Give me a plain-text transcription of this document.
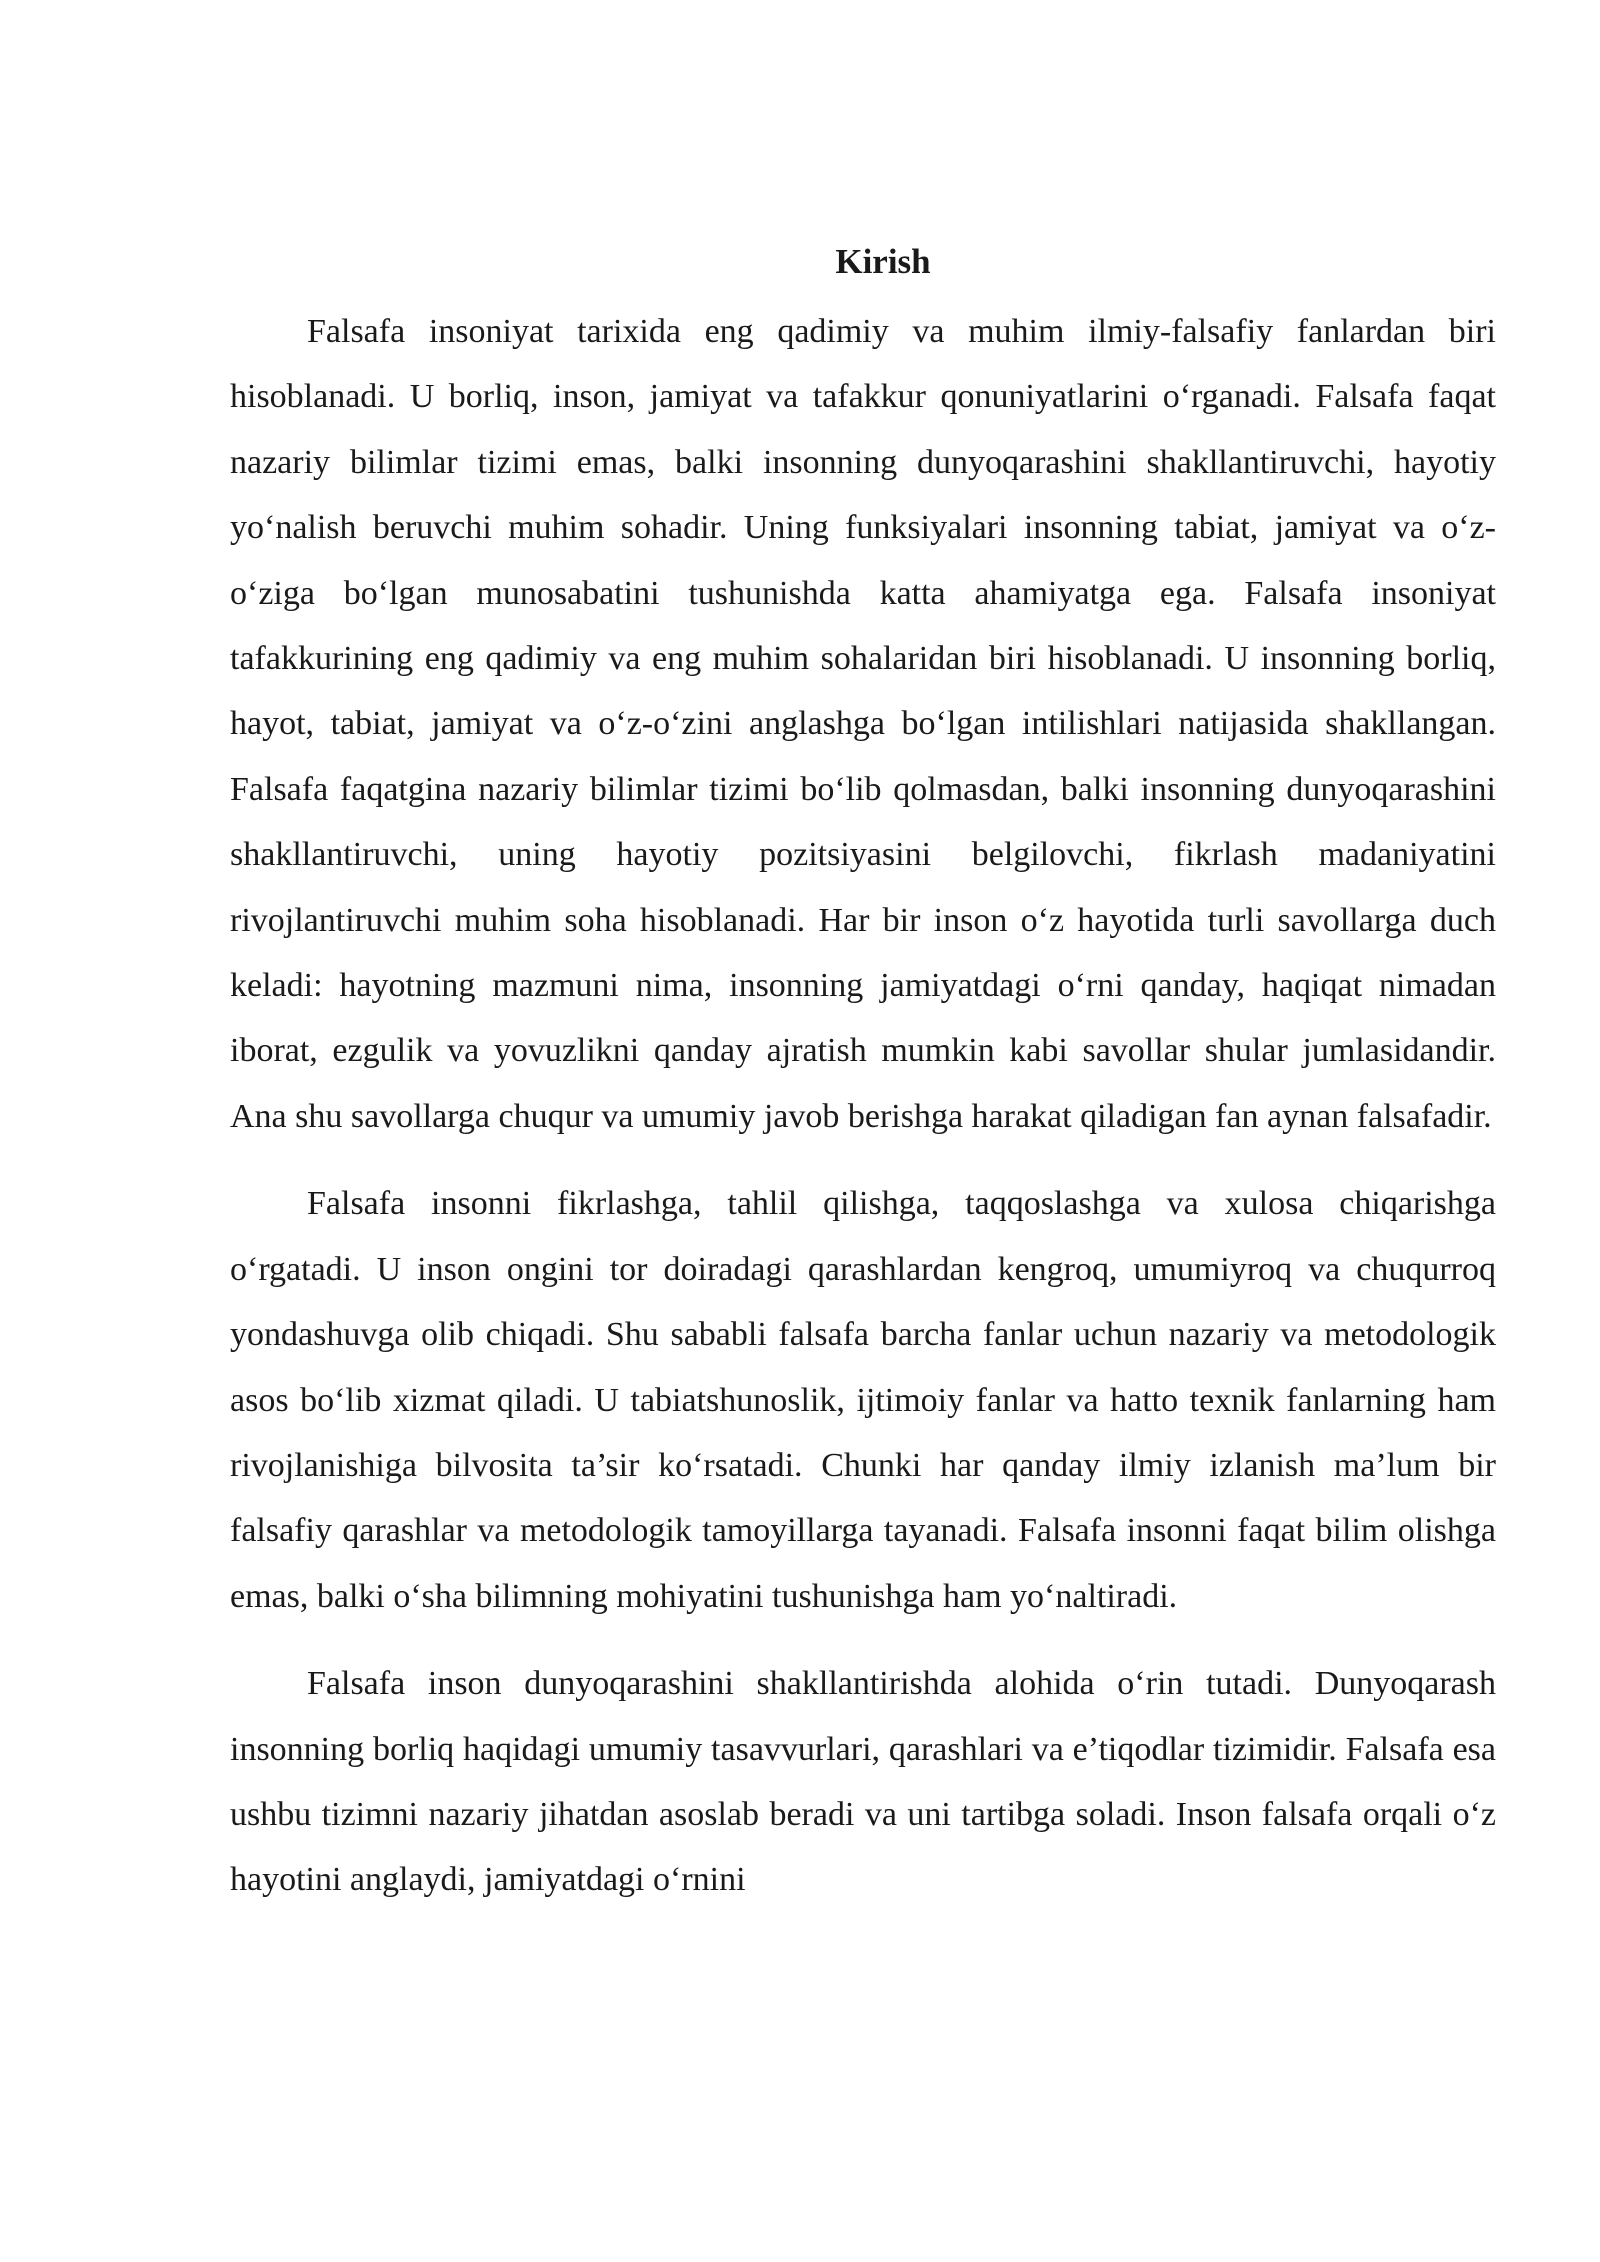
Kirish

Falsafa insoniyat tarixida eng qadimiy va muhim ilmiy-falsafiy fanlardan biri hisoblanadi. U borliq, inson, jamiyat va tafakkur qonuniyatlarini o‘rganadi. Falsafa faqat nazariy bilimlar tizimi emas, balki insonning dunyoqarashini shakllantiruvchi, hayotiy yo‘nalish beruvchi muhim sohadir. Uning funksiyalari insonning tabiat, jamiyat va o‘z-o‘ziga bo‘lgan munosabatini tushunishda katta ahamiyatga ega. Falsafa insoniyat tafakkurining eng qadimiy va eng muhim sohalaridan biri hisoblanadi. U insonning borliq, hayot, tabiat, jamiyat va o‘z-o‘zini anglashga bo‘lgan intilishlari natijasida shakllangan. Falsafa faqatgina nazariy bilimlar tizimi bo‘lib qolmasdan, balki insonning dunyoqarashini shakllantiruvchi, uning hayotiy pozitsiyasini belgilovchi, fikrlash madaniyatini rivojlantiruvchi muhim soha hisoblanadi. Har bir inson o‘z hayotida turli savollarga duch keladi: hayotning mazmuni nima, insonning jamiyatdagi o‘rni qanday, haqiqat nimadan iborat, ezgulik va yovuzlikni qanday ajratish mumkin kabi savollar shular jumlasidandir. Ana shu savollarga chuqur va umumiy javob berishga harakat qiladigan fan aynan falsafadir.

Falsafa insonni fikrlashga, tahlil qilishga, taqqoslashga va xulosa chiqarishga o‘rgatadi. U inson ongini tor doiradagi qarashlardan kengroq, umumiyroq va chuqurroq yondashuvga olib chiqadi. Shu sababli falsafa barcha fanlar uchun nazariy va metodologik asos bo‘lib xizmat qiladi. U tabiatshunoslik, ijtimoiy fanlar va hatto texnik fanlarning ham rivojlanishiga bilvosita ta’sir ko‘rsatadi. Chunki har qanday ilmiy izlanish ma’lum bir falsafiy qarashlar va metodologik tamoyillarga tayanadi. Falsafa insonni faqat bilim olishga emas, balki o‘sha bilimning mohiyatini tushunishga ham yo‘naltiradi.

Falsafa inson dunyoqarashini shakllantirishda alohida o‘rin tutadi. Dunyoqarash insonning borliq haqidagi umumiy tasavvurlari, qarashlari va e’tiqodlar tizimidir. Falsafa esa ushbu tizimni nazariy jihatdan asoslab beradi va uni tartibga soladi. Inson falsafa orqali o‘z hayotini anglaydi, jamiyatdagi o‘rnini
